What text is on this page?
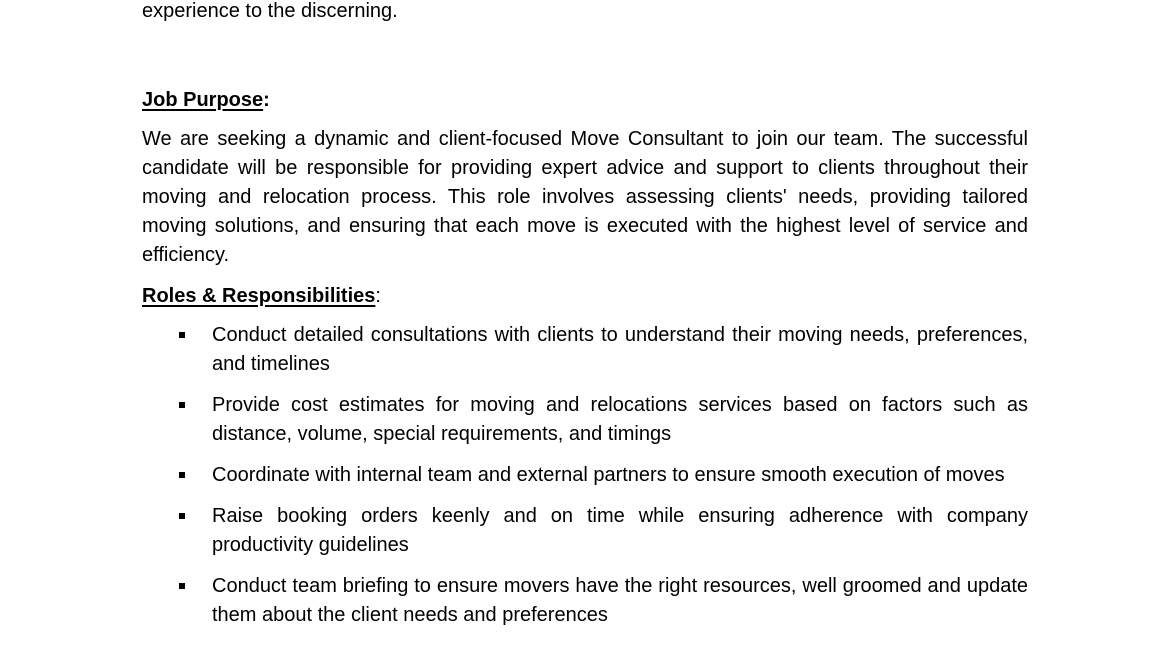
experience to the discerning.

Job Purpose:

We are seeking a dynamic and client-focused Move Consultant to join our team. The successful candidate will be responsible for providing expert advice and support to clients throughout their moving and relocation process. This role involves assessing clients' needs, providing tailored moving solutions, and ensuring that each move is executed with the highest level of service and efficiency.

Roles & Responsibilities:

Conduct detailed consultations with clients to understand their moving needs, preferences, and timelines
Provide cost estimates for moving and relocations services based on factors such as distance, volume, special requirements, and timings
Coordinate with internal team and external partners to ensure smooth execution of moves
Raise booking orders keenly and on time while ensuring adherence with company productivity guidelines
Conduct team briefing to ensure movers have the right resources, well groomed and update them about the client needs and preferences
